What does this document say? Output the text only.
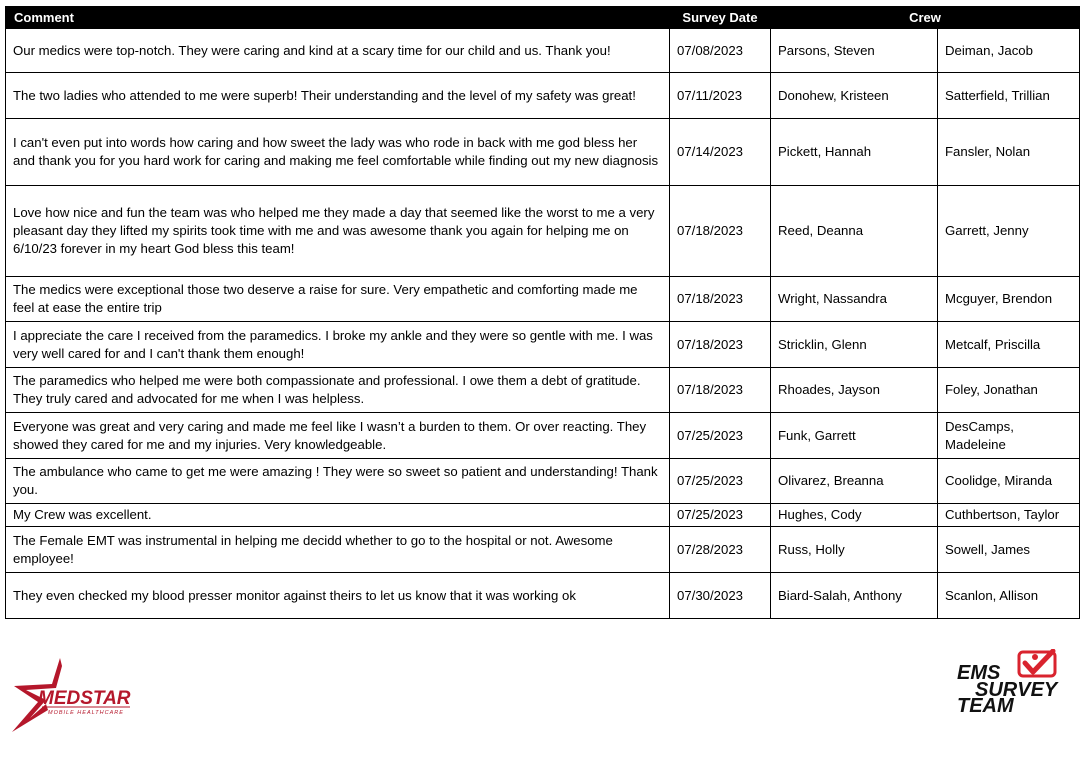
Comment	Survey Date	Crew	
Our medics were top-notch. They were caring and kind at a scary time for our child and us. Thank you!	07/08/2023	Parsons, Steven	Deiman, Jacob
The two ladies who attended to me were superb! Their understanding and the level of my safety was great!	07/11/2023	Donohew, Kristeen	Satterfield, Trillian
I can't even put into words how caring and how sweet the lady was who rode in back with me god bless her and thank you for you hard work for caring and making me feel comfortable while finding out my new diagnosis	07/14/2023	Pickett, Hannah	Fansler, Nolan
Love how nice and fun the team was who helped me they made a day that seemed like the worst to me a very pleasant day they lifted my spirits took time with me and was awesome thank you again for helping me on 6/10/23 forever in my heart God bless this team!	07/18/2023	Reed, Deanna	Garrett, Jenny
The medics were exceptional those two deserve a raise for sure. Very empathetic and comforting made me feel at ease the entire trip	07/18/2023	Wright, Nassandra	Mcguyer, Brendon
I appreciate the care I received from the paramedics. I broke my ankle and they were so gentle with me. I was very well cared for and I can't thank them enough!	07/18/2023	Stricklin, Glenn	Metcalf, Priscilla
The paramedics who helped me were both compassionate and professional. I owe them a debt of gratitude. They truly cared and advocated for me when I was helpless.	07/18/2023	Rhoades, Jayson	Foley, Jonathan
Everyone was great and very caring and made me feel like I wasn’t a burden to them. Or over reacting. They showed they cared for me and my injuries. Very knowledgeable.	07/25/2023	Funk, Garrett	DesCamps, Madeleine
The ambulance who came to get me were amazing ! They were so sweet so patient and understanding! Thank you.	07/25/2023	Olivarez, Breanna	Coolidge, Miranda
My Crew was excellent.	07/25/2023	Hughes, Cody	Cuthbertson, Taylor
The Female EMT was instrumental in helping me decidd whether to go to the hospital or not. Awesome employee!	07/28/2023	Russ, Holly	Sowell, James
They even checked my blood presser monitor against theirs to let us know that it was working ok	07/30/2023	Biard-Salah, Anthony	Scanlon, Allison
MEDSTAR
MOBILE HEALTHCARE
EMS
SURVEY
TEAM
